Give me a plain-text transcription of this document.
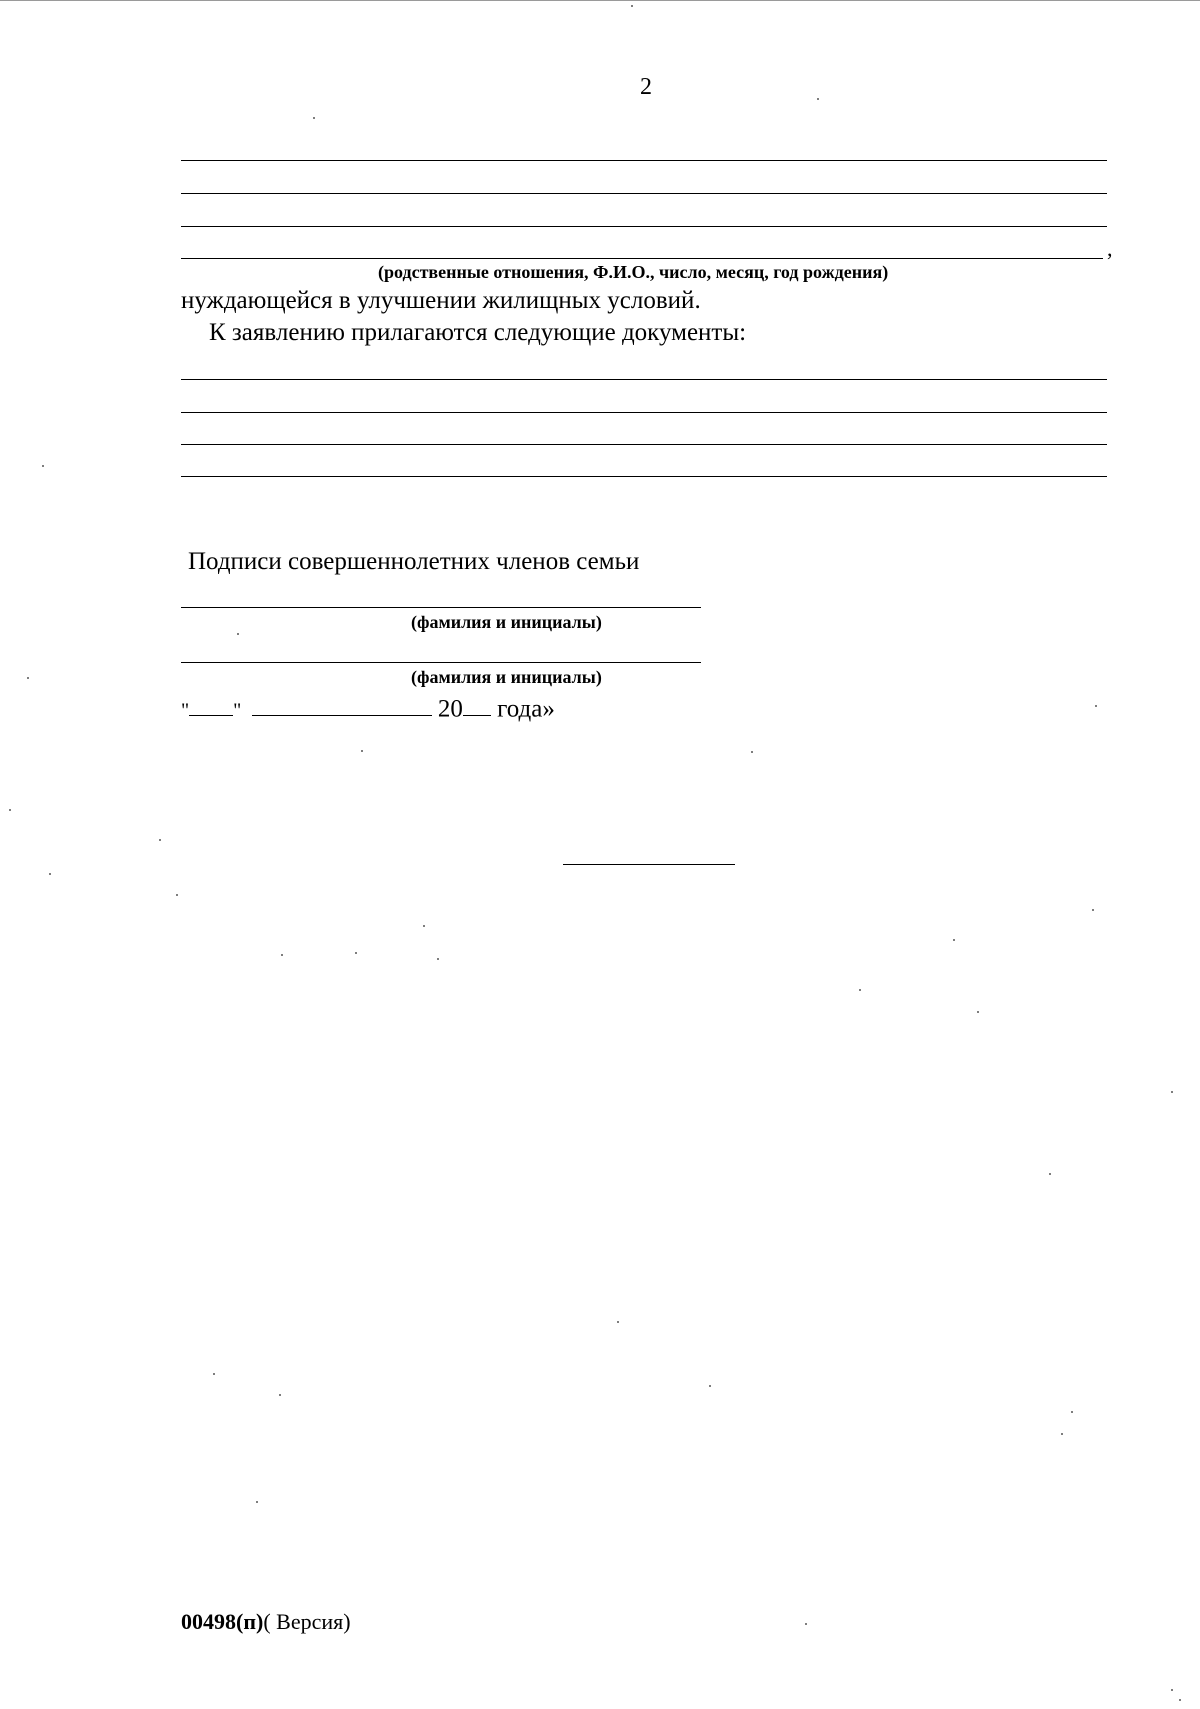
2
,
(родственные отношения, Ф.И.О., число, месяц, год рождения)
нуждающейся в улучшении жилищных условий.
К заявлению прилагаются следующие документы:
Подписи совершеннолетних членов семьи
(фамилия и инициалы)
(фамилия и инициалы)
" "	20 года»
00498(п)( Версия)
